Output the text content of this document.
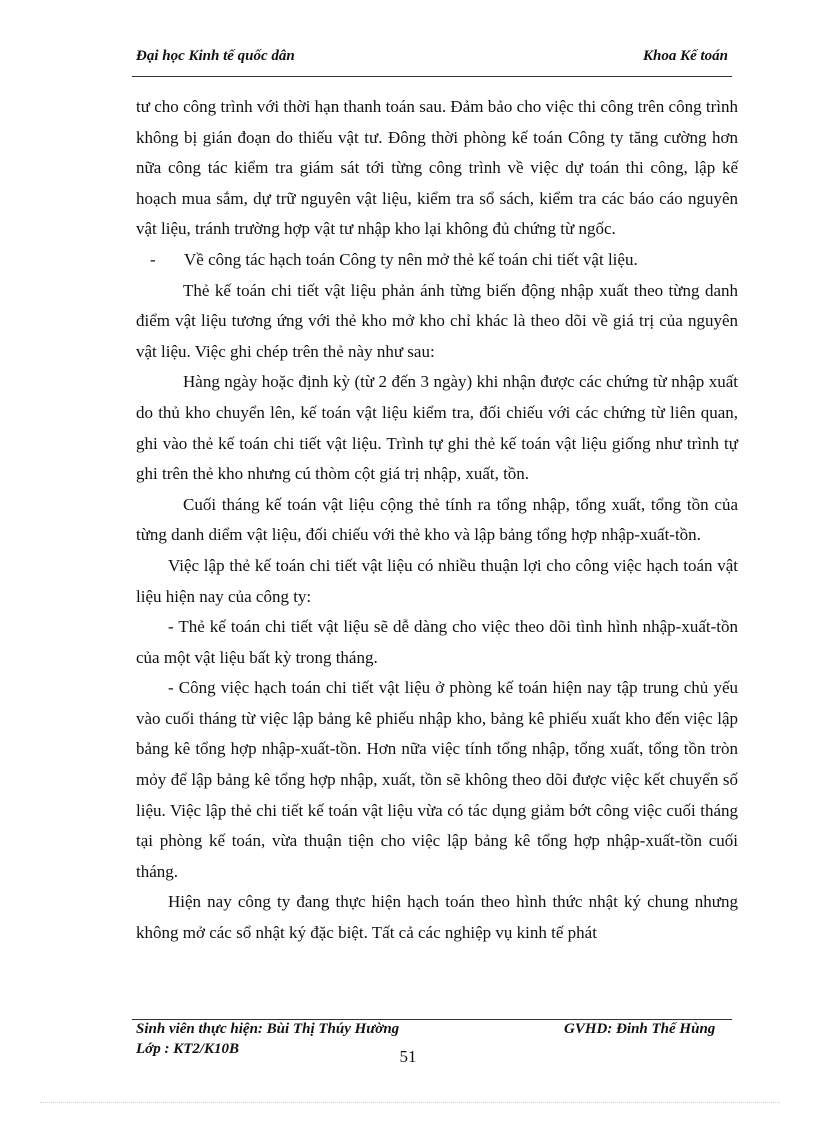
Đại học Kinh tế quốc dân	Khoa Kế toán

tư cho công trình với thời hạn thanh toán sau. Đảm bảo cho việc thi công trên công trình không bị gián đoạn do thiếu vật tư. Đông thời phòng kế toán Công ty tăng cường hơn nữa công tác kiểm tra giám sát tới từng công trình về việc dự toán thi công, lập kế hoạch mua sắm, dự trữ nguyên vật liệu, kiểm tra sổ sách, kiểm tra các báo cáo nguyên vật liệu, tránh trường hợp vật tư nhập kho lại không đủ chứng từ ngốc.

- Về công tác hạch toán Công ty nên mở thẻ kế toán chi tiết vật liệu.

Thẻ kế toán chi tiết vật liệu phản ánh từng biến động nhập xuất theo từng danh điểm vật liệu tương ứng với thẻ kho mở kho chỉ khác là theo dõi về giá trị của nguyên vật liệu. Việc ghi chép trên thẻ này như sau:

Hàng ngày hoặc định kỳ (từ 2 đến 3 ngày) khi nhận được các chứng từ nhập xuất do thủ kho chuyển lên, kế toán vật liệu kiểm tra, đối chiếu với các chứng từ liên quan, ghi vào thẻ kế toán chi tiết vật liệu. Trình tự ghi thẻ kế toán vật liệu giống như trình tự ghi trên thẻ kho nhưng cú thòm cột giá trị nhập, xuất, tồn.

Cuối tháng kế toán vật liệu cộng thẻ tính ra tổng nhập, tổng xuất, tổng tồn của từng danh diểm vật liệu, đối chiếu với thẻ kho và lập bảng tổng hợp nhập-xuất-tồn.

Việc lập thẻ kế toán chi tiết vật liệu có nhiều thuận lợi cho công việc hạch toán vật liệu hiện nay của công ty:

- Thẻ kế toán chi tiết vật liệu sẽ dễ dàng cho việc theo dõi tình hình nhập-xuất-tồn của một vật liệu bất kỳ trong tháng.

- Công việc hạch toán chi tiết vật liệu ở phòng kế toán hiện nay tập trung chủ yếu vào cuối tháng từ việc lập bảng kê phiếu nhập kho, bảng kê phiếu xuất kho đến việc lập bảng kê tổng hợp nhập-xuất-tồn. Hơn nữa việc tính tổng nhập, tổng xuất, tổng tồn tròn mỏy để lập bảng kê tổng hợp nhập, xuất, tồn sẽ không theo dõi được việc kết chuyển số liệu. Việc lập thẻ chi tiết kế toán vật liệu vừa có tác dụng giảm bớt công việc cuối tháng tại phòng kế toán, vừa thuận tiện cho việc lập bảng kê tổng hợp nhập-xuất-tồn cuối tháng.

Hiện nay công ty đang thực hiện hạch toán theo hình thức nhật ký chung nhưng không mở các sổ nhật ký đặc biệt. Tất cả các nghiệp vụ kinh tế phát

Sinh viên thực hiện: Bùi Thị Thúy Hường	GVHD: Đinh Thế Hùng
Lớp : KT2/K10B	51
